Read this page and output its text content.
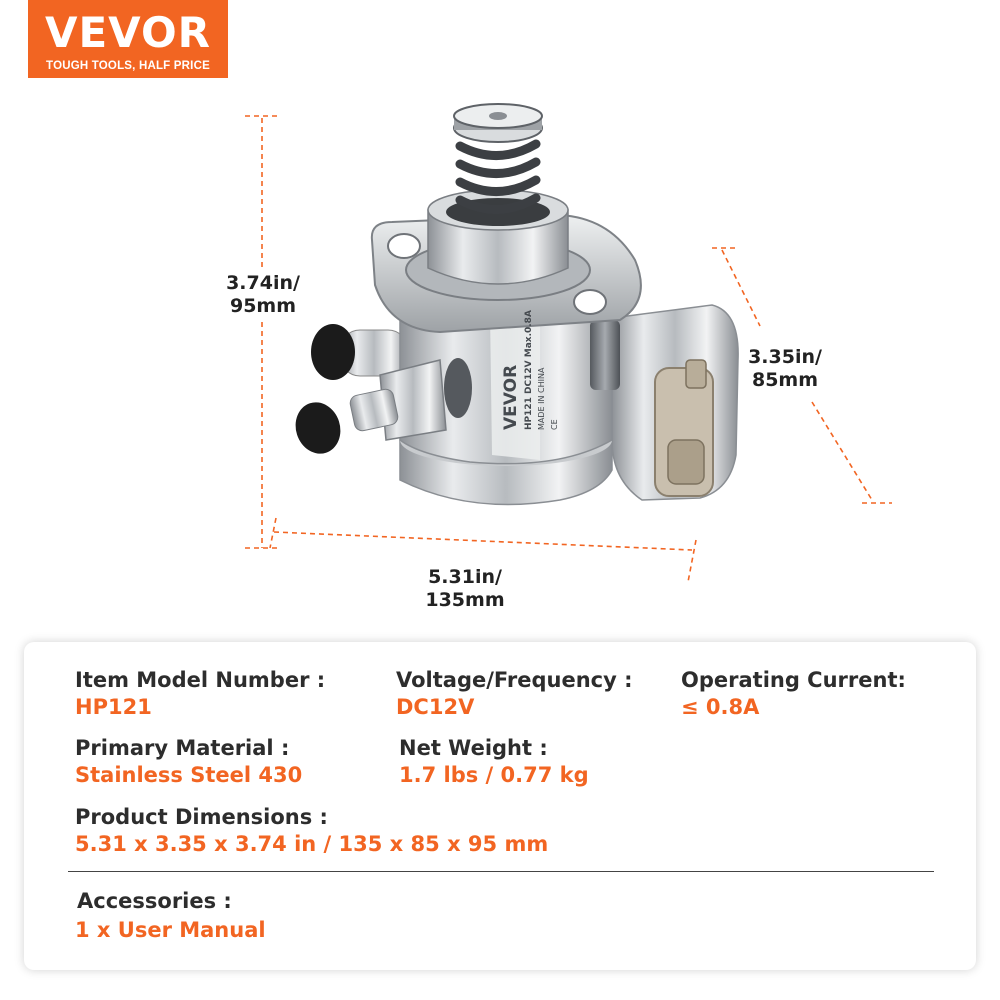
VEVOR
TOUGH TOOLS, HALF PRICE
VEVOR HP121 DC12V Max.0.8A MADE IN CHINA CE
3.74in/
95mm
3.35in/
85mm
5.31in/
135mm
Item Model Number :
HP121
Voltage/Frequency :
DC12V
Operating Current:
≤ 0.8A
Primary Material :
Stainless Steel 430
Net Weight :
1.7 lbs / 0.77 kg
Product Dimensions :
5.31 x 3.35 x 3.74 in / 135 x 85 x 95 mm
Accessories :
1 x User Manual
